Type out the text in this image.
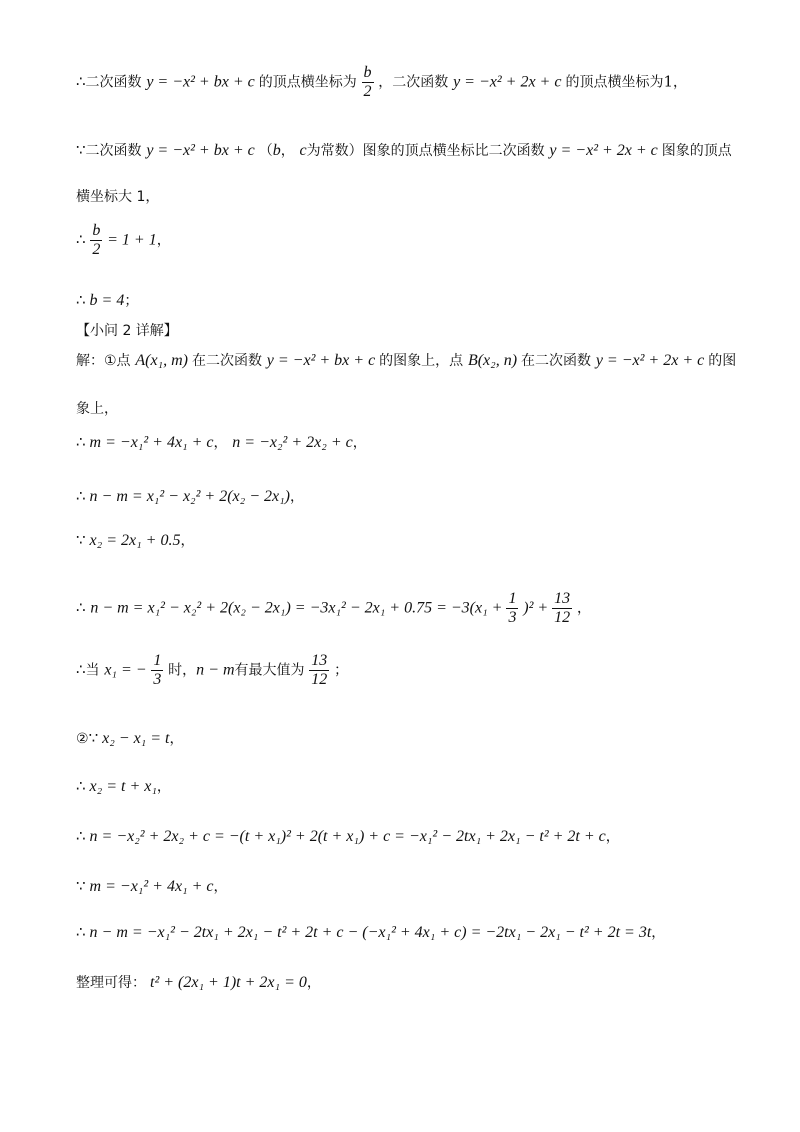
∴二次函数 y = −x² + bx + c 的顶点横坐标为 $\frac{b}{2}$ ，二次函数 y = −x² + 2x + c 的顶点横坐标为1，
∵二次函数 y = −x² + bx + c （b， c为常数）图象的顶点横坐标比二次函数 y = −x² + 2x + c 图象的顶点
横坐标大 1，
∴ $\frac{b}{2} = 1 + 1$，
∴ b = 4；
【小问 2 详解】
解：①点 A(x₁, m) 在二次函数 y = −x² + bx + c 的图象上，点 B(x₂, n) 在二次函数 y = −x² + 2x + c 的图
象上，
∴ m = −x₁² + 4x₁ + c， n = −x₂² + 2x₂ + c，
∴ n − m = x₁² − x₂² + 2(x₂ − 2x₁)，
∵ x₂ = 2x₁ + 0.5，
∴ $n - m = x_1^2 - x_2^2 + 2(x_2 - 2x_1) = -3x_1^2 - 2x_1 + 0.75 = -3(x_1 + \frac{1}{3} )^2 + \frac{13}{12}$ ，
∴当 x₁ = − $\frac{1}{3}$ 时，n − m有最大值为 $\frac{13}{12}$ ；
②∵ x₂ − x₁ = t，
∴ x₂ = t + x₁，
∴ n = −x₂² + 2x₂ + c = −(t + x₁)² + 2(t + x₁) + c = −x₁² − 2tx₁ + 2x₁ − t² + 2t + c，
∵ m = −x₁² + 4x₁ + c，
∴ n − m = −x₁² − 2tx₁ + 2x₁ − t² + 2t + c − (−x₁² + 4x₁ + c) = −2tx₁ − 2x₁ − t² + 2t = 3t，
整理可得： t² + (2x₁ + 1)t + 2x₁ = 0，
